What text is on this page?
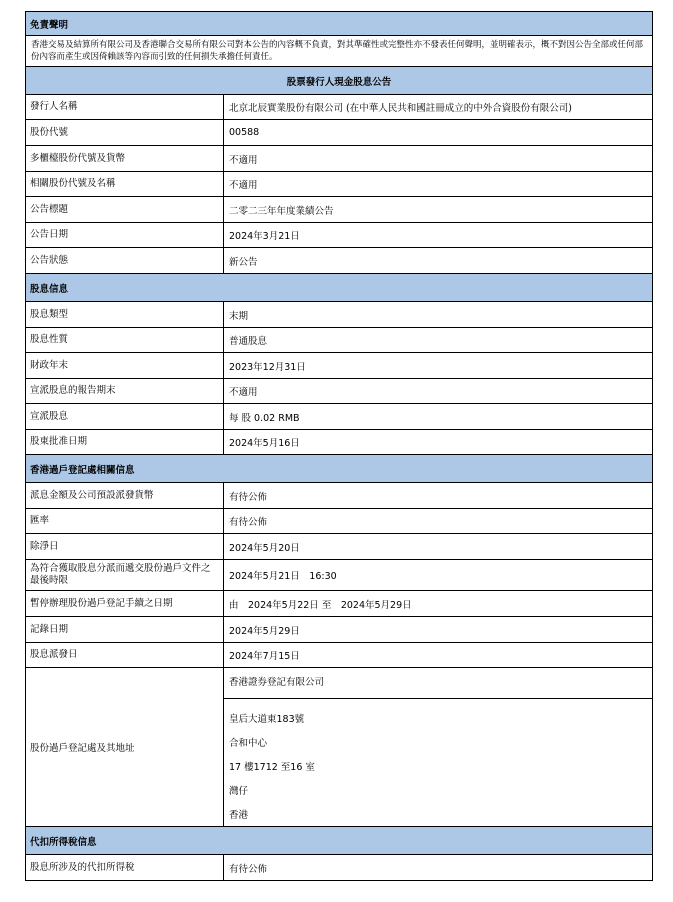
免責聲明
香港交易及結算所有限公司及香港聯合交易所有限公司對本公告的內容概不負責，對其準確性或完整性亦不發表任何聲明，並明確表示，概不對因公告全部或任何部份內容而產生或因倚賴該等內容而引致的任何損失承擔任何責任。
股票發行人現金股息公告
發行人名稱	北京北辰實業股份有限公司 (在中華人民共和國註冊成立的中外合資股份有限公司)
股份代號	00588
多櫃檯股份代號及貨幣	不適用
相關股份代號及名稱	不適用
公告標題	二零二三年年度業績公告
公告日期	2024年3月21日
公告狀態	新公告
股息信息
股息類型	末期
股息性質	普通股息
財政年末	2023年12月31日
宣派股息的報告期末	不適用
宣派股息	每 股 0.02 RMB
股東批准日期	2024年5月16日
香港過戶登記處相關信息
派息金額及公司預設派發貨幣	有待公佈
匯率	有待公佈
除淨日	2024年5月20日
為符合獲取股息分派而遞交股份過戶文件之最後時限	2024年5月21日　16:30
暫停辦理股份過戶登記手續之日期	由　2024年5月22日 至　2024年5月29日
記錄日期	2024年5月29日
股息派發日	2024年7月15日
股份過戶登記處及其地址
香港證券登記有限公司
皇后大道東183號
合和中心
17 樓1712 至16 室
灣仔
香港
代扣所得稅信息
股息所涉及的代扣所得稅	有待公佈
